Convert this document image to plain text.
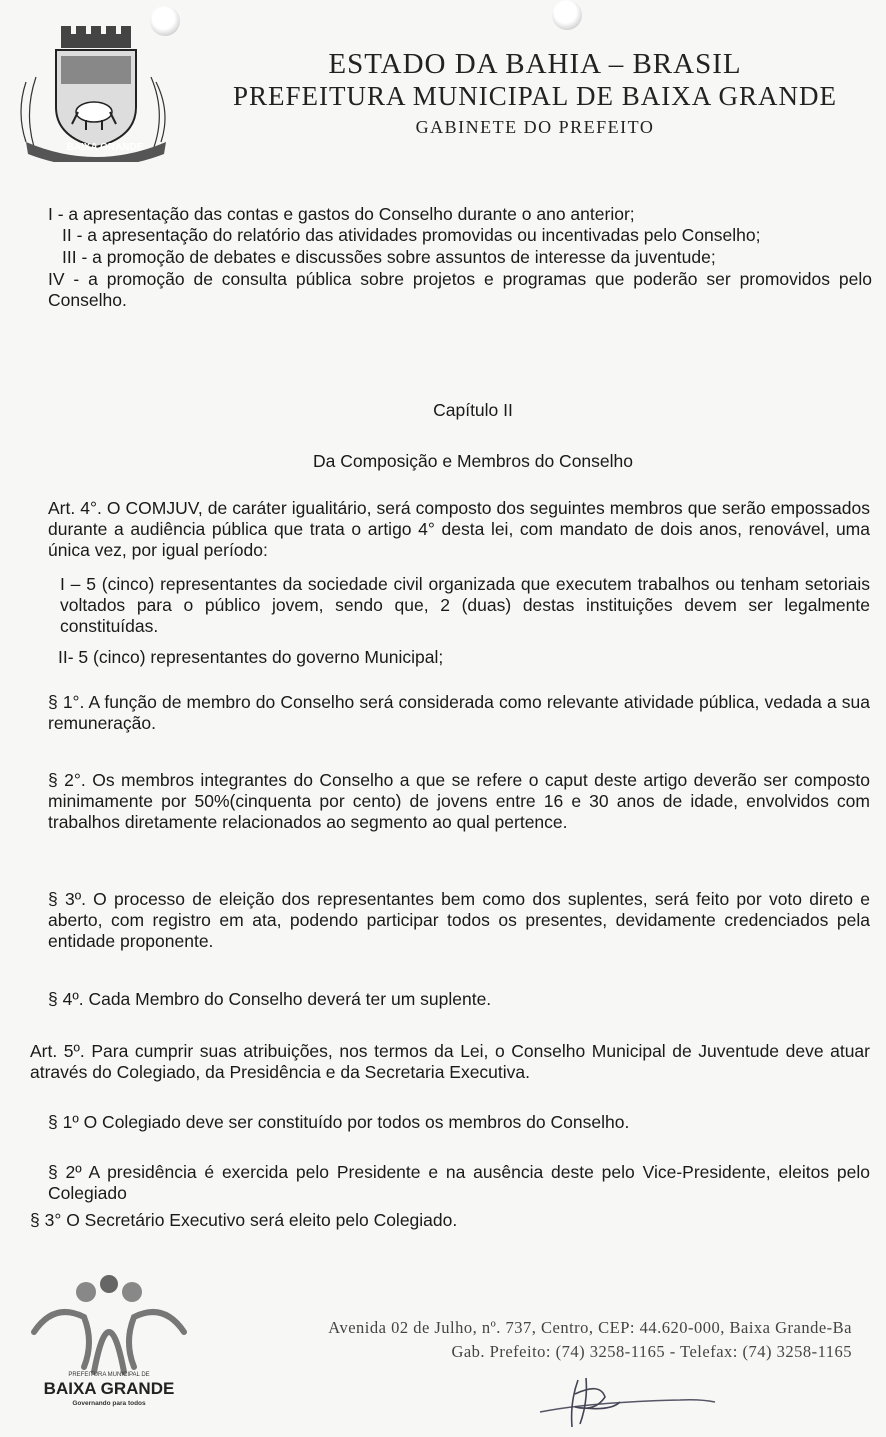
BAIXA GRANDE
ESTADO DA BAHIA – BRASIL
PREFEITURA MUNICIPAL DE BAIXA GRANDE
GABINETE DO PREFEITO
I - a apresentação das contas e gastos do Conselho durante o ano anterior;
II - a apresentação do relatório das atividades promovidas ou incentivadas pelo Conselho;
III - a promoção de debates e discussões sobre assuntos de interesse da juventude;
IV - a promoção de consulta pública sobre projetos e programas que poderão ser promovidos pelo Conselho.
Capítulo II
Da Composição e Membros do Conselho
Art. 4°. O COMJUV, de caráter igualitário, será composto dos seguintes membros que serão empossados durante a audiência pública que trata o artigo 4° desta lei, com mandato de dois anos, renovável, uma única vez, por igual período:
I – 5 (cinco) representantes da sociedade civil organizada que executem trabalhos ou tenham setoriais voltados para o público jovem, sendo que, 2 (duas) destas instituições devem ser legalmente constituídas.
II- 5 (cinco) representantes do governo Municipal;
§ 1°. A função de membro do Conselho será considerada como relevante atividade pública, vedada a sua remuneração.
§ 2°. Os membros integrantes do Conselho a que se refere o caput deste artigo deverão ser composto minimamente por 50%(cinquenta por cento) de jovens entre 16 e 30 anos de idade, envolvidos com trabalhos diretamente relacionados ao segmento ao qual pertence.
§ 3º. O processo de eleição dos representantes bem como dos suplentes, será feito por voto direto e aberto, com registro em ata, podendo participar todos os presentes, devidamente credenciados pela entidade proponente.
§ 4º. Cada Membro do Conselho deverá ter um suplente.
Art. 5º. Para cumprir suas atribuições, nos termos da Lei, o Conselho Municipal de Juventude deve atuar através do Colegiado, da Presidência e da Secretaria Executiva.
§ 1º O Colegiado deve ser constituído por todos os membros do Conselho.
§ 2º A presidência é exercida pelo Presidente e na ausência deste pelo Vice-Presidente, eleitos pelo Colegiado
§ 3° O Secretário Executivo será eleito pelo Colegiado.
PREFEITURA MUNICIPAL DE
BAIXA GRANDE
Governando para todos
Avenida 02 de Julho, nº. 737, Centro, CEP: 44.620-000, Baixa Grande-Ba
Gab. Prefeito: (74) 3258-1165 - Telefax: (74) 3258-1165
